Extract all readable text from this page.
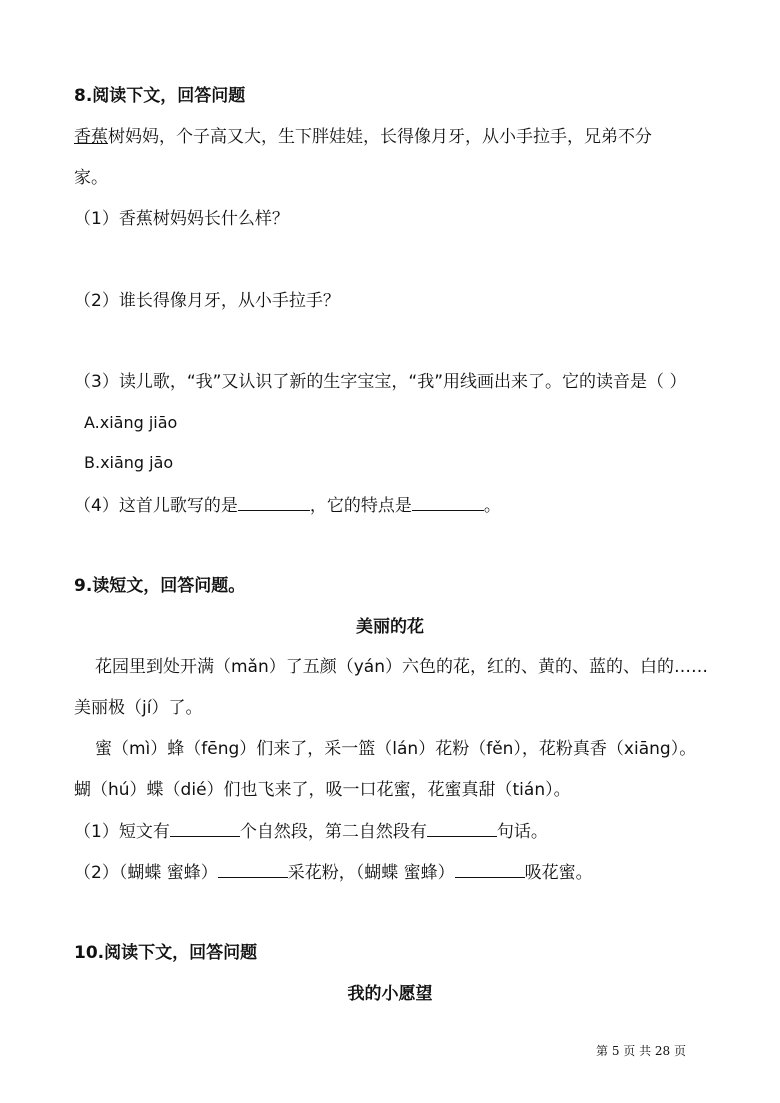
8.阅读下文，回答问题
香蕉树妈妈，个子高又大，生下胖娃娃，长得像月牙，从小手拉手，兄弟不分
家。
（1）香蕉树妈妈长什么样？
（2）谁长得像月牙，从小手拉手？
（3）读儿歌，“我”又认识了新的生字宝宝，“我”用线画出来了。它的读音是（ ）
A.xiāng jiāo
B.xiāng jāo
（4）这首儿歌写的是	，它的特点是	。
9.读短文，回答问题。
美丽的花
花园里到处开满（mǎn）了五颜（yán）六色的花，红的、黄的、蓝的、白的……
美丽极（jí）了。
蜜（mì）蜂（fēng）们来了，采一篮（lán）花粉（fěn），花粉真香（xiāng）。
蝴（hú）蝶（dié）们也飞来了，吸一口花蜜，花蜜真甜（tián）。
（1）短文有	个自然段，第二自然段有	句话。
（2）（蝴蝶 蜜蜂）	采花粉，（蝴蝶 蜜蜂）	吸花蜜。
10.阅读下文，回答问题
我的小愿望
第 5 页 共 28 页
